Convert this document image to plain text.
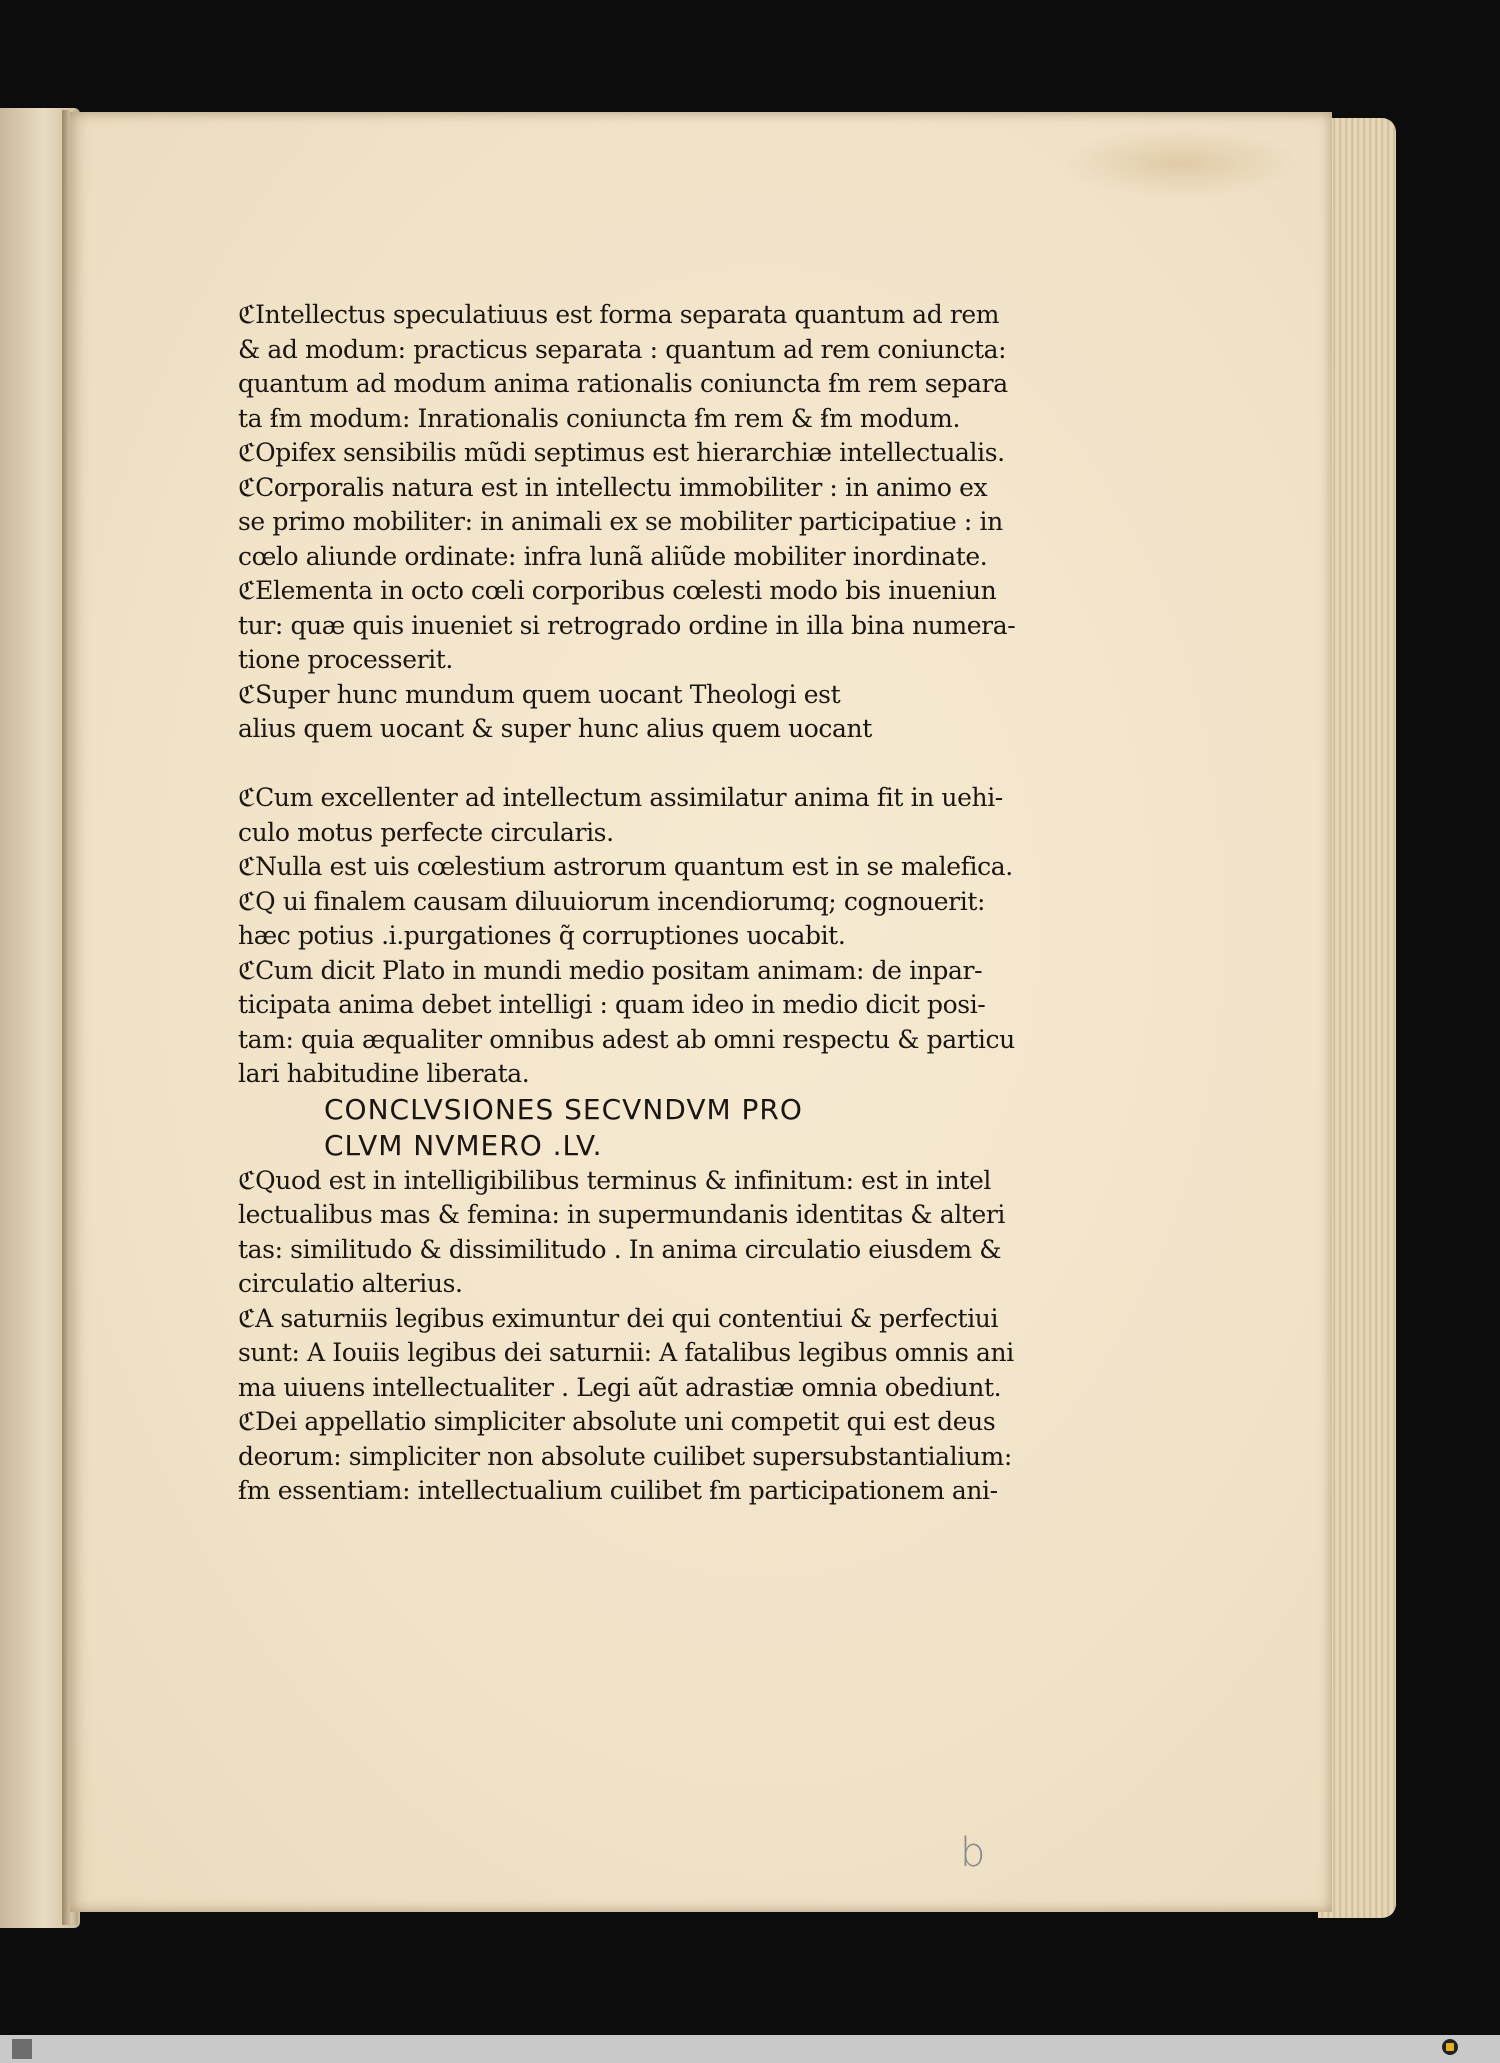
ℭIntellectus speculatiuus est forma separata quantum ad rem
& ad modum: practicus separata : quantum ad rem coniuncta:
quantum ad modum anima rationalis coniuncta ẜm rem separa
ta ẜm modum: Inrationalis coniuncta ẜm rem & ẜm modum.
ℭOpifex sensibilis mũdi septimus est hierarchiæ intellectualis.
ℭCorporalis natura est in intellectu immobiliter : in animo ex
se primo mobiliter: in animali ex se mobiliter participatiue : in
cœlo aliunde ordinate: infra lunã aliũde mobiliter inordinate.
ℭElementa in octo cœli corporibus cœlesti modo bis inueniun
tur: quæ quis inueniet si retrogrado ordine in illa bina numera-
tione processerit.
ℭSuper hunc mundum quem uocant Theologi est
alius quem uocant & super hunc alius quem uocant
ℭCum excellenter ad intellectum assimilatur anima fit in uehi-
culo motus perfecte circularis.
ℭNulla est uis cœlestium astrorum quantum est in se malefica.
ℭQ ui finalem causam diluuiorum incendiorumq; cognouerit:
hæc potius .i.purgationes q̃ corruptiones uocabit.
ℭCum dicit Plato in mundi medio positam animam: de inpar-
ticipata anima debet intelligi : quam ideo in medio dicit posi-
tam: quia æqualiter omnibus adest ab omni respectu & particu
lari habitudine liberata.
CONCLVSIONES SECVNDVM PRO
CLVM NVMERO .LV.
ℭQuod est in intelligibilibus terminus & infinitum: est in intel
lectualibus mas & femina: in supermundanis identitas & alteri
tas: similitudo & dissimilitudo . In anima circulatio eiusdem &
circulatio alterius.
ℭA saturniis legibus eximuntur dei qui contentiui & perfectiui
sunt: A Iouiis legibus dei saturnii: A fatalibus legibus omnis ani
ma uiuens intellectualiter . Legi aũt adrastiæ omnia obediunt.
ℭDei appellatio simpliciter absolute uni competit qui est deus
deorum: simpliciter non absolute cuilibet supersubstantialium:
ẜm essentiam: intellectualium cuilibet ẜm participationem ani-
b
